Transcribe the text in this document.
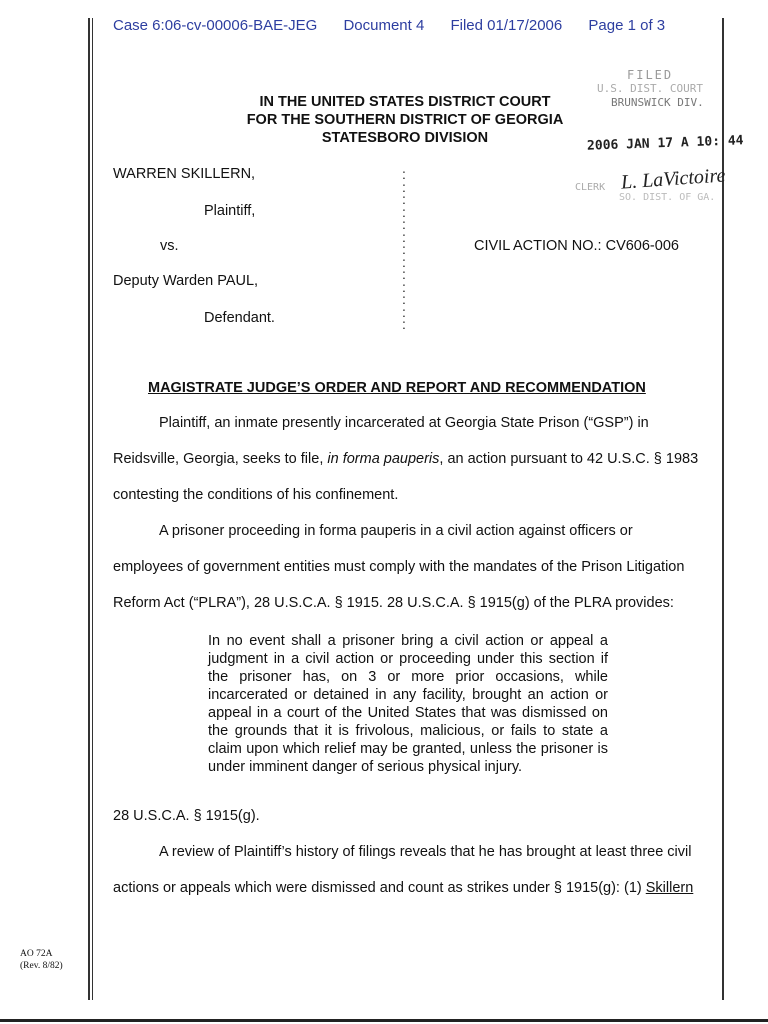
Case 6:06-cv-00006-BAE-JEG Document 4 Filed 01/17/2006 Page 1 of 3
IN THE UNITED STATES DISTRICT COURT
FOR THE SOUTHERN DISTRICT OF GEORGIA
STATESBORO DIVISION
FILED
U.S. DIST. COURT
BRUNSWICK DIV.
2006 JAN 17 A 10: 44
CLERK L. LaVictoire
SO. DIST. OF GA.
WARREN SKILLERN,
Plaintiff,
vs.
Deputy Warden PAUL,
Defendant.
CIVIL ACTION NO.: CV606-006
:
:
:
:
:
:
:
:
:
:
:
:
:
MAGISTRATE JUDGE’S ORDER AND REPORT AND RECOMMENDATION
Plaintiff, an inmate presently incarcerated at Georgia State Prison (“GSP”) in
Reidsville, Georgia, seeks to file, in forma pauperis, an action pursuant to 42 U.S.C. § 1983
contesting the conditions of his confinement.
A prisoner proceeding in forma pauperis in a civil action against officers or
employees of government entities must comply with the mandates of the Prison Litigation
Reform Act (“PLRA”), 28 U.S.C.A. § 1915. 28 U.S.C.A. § 1915(g) of the PLRA provides:
In no event shall a prisoner bring a civil action or appeal a judgment in a civil action or proceeding under this section if the prisoner has, on 3 or more prior occasions, while incarcerated or detained in any facility, brought an action or appeal in a court of the United States that was dismissed on the grounds that it is frivolous, malicious, or fails to state a claim upon which relief may be granted, unless the prisoner is under imminent danger of serious physical injury.
28 U.S.C.A. § 1915(g).
A review of Plaintiff’s history of filings reveals that he has brought at least three civil
actions or appeals which were dismissed and count as strikes under § 1915(g): (1) Skillern
AO 72A
(Rev. 8/82)
